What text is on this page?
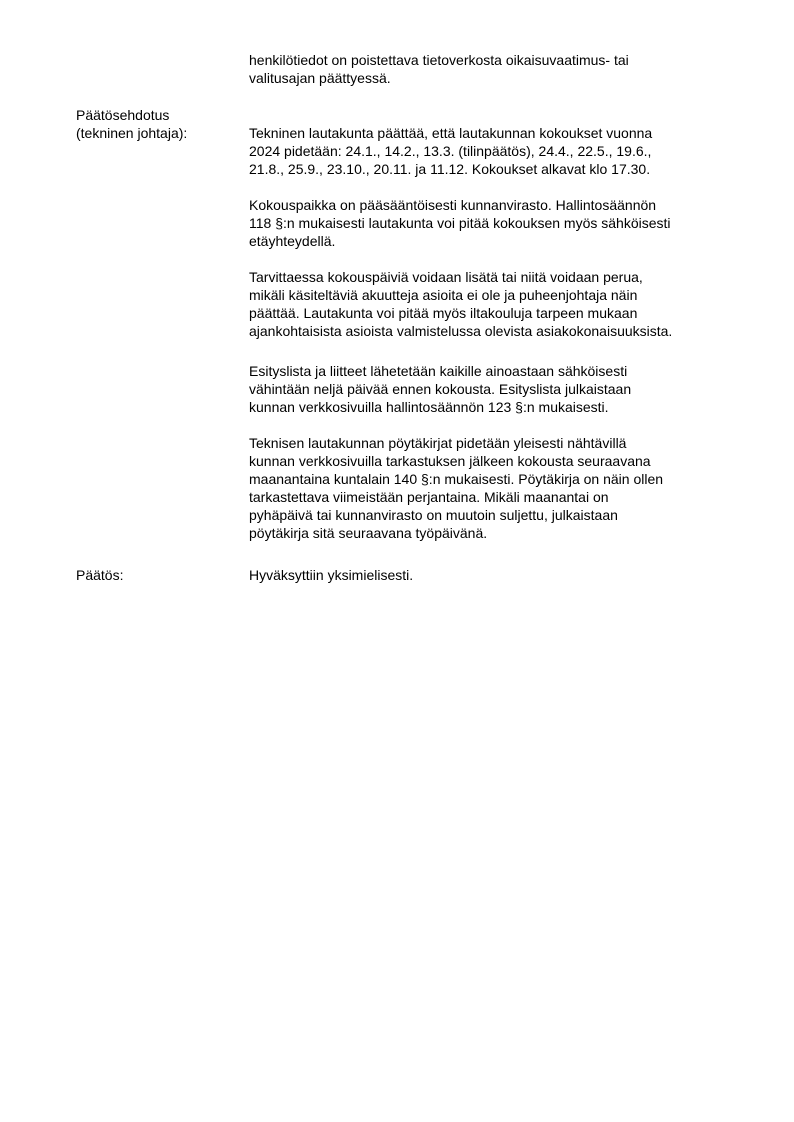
henkilötiedot on poistettava tietoverkosta oikaisuvaatimus- tai
valitusajan päättyessä.
Päätösehdotus
(tekninen johtaja):	Tekninen lautakunta päättää, että lautakunnan kokoukset vuonna
2024 pidetään: 24.1., 14.2., 13.3. (tilinpäätös), 24.4., 22.5., 19.6.,
21.8., 25.9., 23.10., 20.11. ja 11.12. Kokoukset alkavat klo 17.30.
Kokouspaikka on pääsääntöisesti kunnanvirasto. Hallintosäännön
118 §:n mukaisesti lautakunta voi pitää kokouksen myös sähköisesti
etäyhteydellä.
Tarvittaessa kokouspäiviä voidaan lisätä tai niitä voidaan perua,
mikäli käsiteltäviä akuutteja asioita ei ole ja puheenjohtaja näin
päättää. Lautakunta voi pitää myös iltakouluja tarpeen mukaan
ajankohtaisista asioista valmistelussa olevista asiakokonaisuuksista.
Esityslista ja liitteet lähetetään kaikille ainoastaan sähköisesti
vähintään neljä päivää ennen kokousta. Esityslista julkaistaan
kunnan verkkosivuilla hallintosäännön 123 §:n mukaisesti.
Teknisen lautakunnan pöytäkirjat pidetään yleisesti nähtävillä
kunnan verkkosivuilla tarkastuksen jälkeen kokousta seuraavana
maanantaina kuntalain 140 §:n mukaisesti. Pöytäkirja on näin ollen
tarkastettava viimeistään perjantaina. Mikäli maanantai on
pyhäpäivä tai kunnanvirasto on muutoin suljettu, julkaistaan
pöytäkirja sitä seuraavana työpäivänä.
Päätös:	Hyväksyttiin yksimielisesti.
